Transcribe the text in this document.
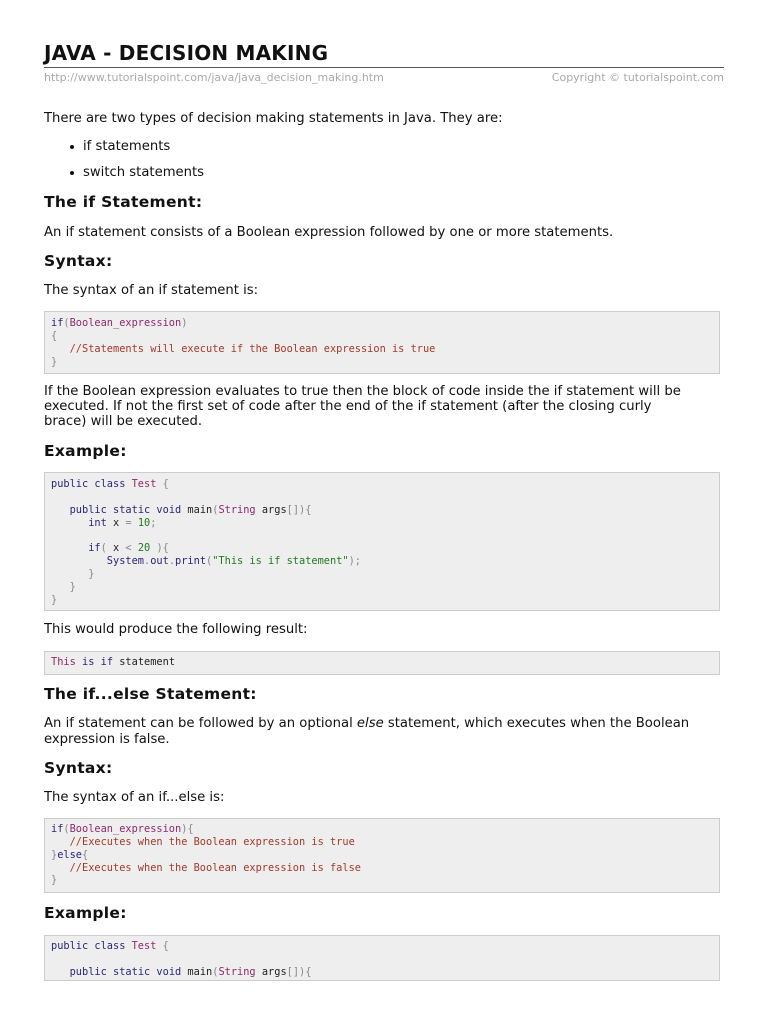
JAVA - DECISION MAKING
http://www.tutorialspoint.com/java/java_decision_making.htm	Copyright © tutorialspoint.com

There are two types of decision making statements in Java. They are:

if statements
switch statements
The if Statement:

An if statement consists of a Boolean expression followed by one or more statements.

Syntax:

The syntax of an if statement is:

if(Boolean_expression)
{
//Statements will execute if the Boolean expression is true
}

If the Boolean expression evaluates to true then the block of code inside the if statement will be

executed. If not the first set of code after the end of the if statement (after the closing curly

brace) will be executed.

Example:
public class Test {
public static void main(String args[]){
int x = 10;
if( x < 20 ){
System.out.print("This is if statement");
}
}
}

This would produce the following result:

This is if statement
The if...else Statement:

An if statement can be followed by an optional else statement, which executes when the Boolean

expression is false.

Syntax:

The syntax of an if...else is:

if(Boolean_expression){
//Executes when the Boolean expression is true
}else{
//Executes when the Boolean expression is false
}
Example:
public class Test {
public static void main(String args[]){
